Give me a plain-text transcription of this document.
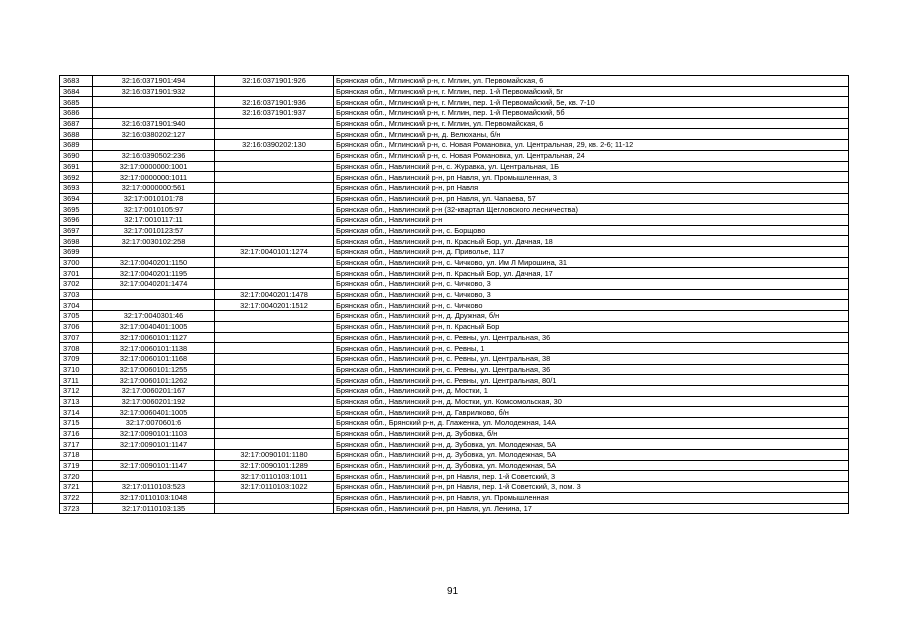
3683	32:16:0371901:494	32:16:0371901:926	Брянская обл., Мглинский р-н, г. Мглин, ул. Первомайская, 6
3684	32:16:0371901:932		Брянская обл., Мглинский р-н, г. Мглин, пер. 1-й Первомайский, 5г
3685		32:16:0371901:936	Брянская обл., Мглинский р-н, г. Мглин, пер. 1-й Первомайский, 5е, кв. 7-10
3686		32:16:0371901:937	Брянская обл., Мглинский р-н, г. Мглин, пер. 1-й Первомайский, 5б
3687	32:16:0371901:940		Брянская обл., Мглинский р-н, г. Мглин, ул. Первомайская, 6
3688	32:16:0380202:127		Брянская обл., Мглинский р-н, д. Велюханы, б/н
3689		32:16:0390202:130	Брянская обл., Мглинский р-н, с. Новая Романовка, ул. Центральная, 29, кв. 2-6; 11-12
3690	32:16:0390502:236		Брянская обл., Мглинский р-н, с. Новая Романовка, ул. Центральная, 24
3691	32:17:0000000:1001		Брянская обл., Навлинский р-н, с. Журавка, ул. Центральная, 1Б
3692	32:17:0000000:1011		Брянская обл., Навлинский р-н, рп Навля, ул. Промышленная, 3
3693	32:17:0000000:561		Брянская обл., Навлинский р-н, рп Навля
3694	32:17:0010101:78		Брянская обл., Навлинский р-н, рп Навля, ул. Чапаева, 57
3695	32:17:0010105:97		Брянская обл., Навлинский р-н (32-квартал Щегловского лесничества)
3696	32:17:0010117:11		Брянская обл., Навлинский р-н
3697	32:17:0010123:57		Брянская обл., Навлинский р-н, с. Борщово
3698	32:17:0030102:258		Брянская обл., Навлинский р-н, п. Красный Бор, ул. Дачная, 18
3699		32:17:0040101:1274	Брянская обл., Навлинский р-н, д. Приволье, 117
3700	32:17:0040201:1150		Брянская обл., Навлинский р-н, с. Чичково, ул. Им Л Мирошина, 31
3701	32:17:0040201:1195		Брянская обл., Навлинский р-н, п. Красный Бор, ул. Дачная, 17
3702	32:17:0040201:1474		Брянская обл., Навлинский р-н, с. Чичково, 3
3703		32:17:0040201:1478	Брянская обл., Навлинский р-н, с. Чичково, 3
3704		32:17:0040201:1512	Брянская обл., Навлинский р-н, с. Чичково
3705	32:17:0040301:46		Брянская обл., Навлинский р-н, д. Дружная, б/н
3706	32:17:0040401:1005		Брянская обл., Навлинский р-н, п. Красный Бор
3707	32:17:0060101:1127		Брянская обл., Навлинский р-н, с. Ревны, ул. Центральная, 36
3708	32:17:0060101:1138		Брянская обл., Навлинский р-н, с. Ревны, 1
3709	32:17:0060101:1168		Брянская обл., Навлинский р-н, с. Ревны, ул. Центральная, 38
3710	32:17:0060101:1255		Брянская обл., Навлинский р-н, с. Ревны, ул. Центральная, 36
3711	32:17:0060101:1262		Брянская обл., Навлинский р-н, с. Ревны, ул. Центральная, 80/1
3712	32:17:0060201:167		Брянская обл., Навлинский р-н, д. Мостки, 1
3713	32:17:0060201:192		Брянская обл., Навлинский р-н, д. Мостки, ул. Комсомольская, 30
3714	32:17:0060401:1005		Брянская обл., Навлинский р-н, д. Гаврилково, б/н
3715	32:17:0070601:6		Брянская обл., Брянский р-н, д. Глаженка, ул. Молодежная, 14А
3716	32:17:0090101:1103		Брянская обл., Навлинский р-н, д. Зубовка, б/н
3717	32:17:0090101:1147		Брянская обл., Навлинский р-н, д. Зубовка, ул. Молодежная, 5А
3718		32:17:0090101:1180	Брянская обл., Навлинский р-н, д. Зубовка, ул. Молодежная, 5А
3719	32:17:0090101:1147	32:17:0090101:1289	Брянская обл., Навлинский р-н, д. Зубовка, ул. Молодежная, 5А
3720		32:17:0110103:1011	Брянская обл., Навлинский р-н, рп Навля, пер. 1-й Советский, 3
3721	32:17:0110103:523	32:17:0110103:1022	Брянская обл., Навлинский р-н, рп Навля, пер. 1-й Советский, 3, пом. 3
3722	32:17:0110103:1048		Брянская обл., Навлинский р-н, рп Навля, ул. Промышленная
3723	32:17:0110103:135		Брянская обл., Навлинский р-н, рп Навля, ул. Ленина, 17
91
